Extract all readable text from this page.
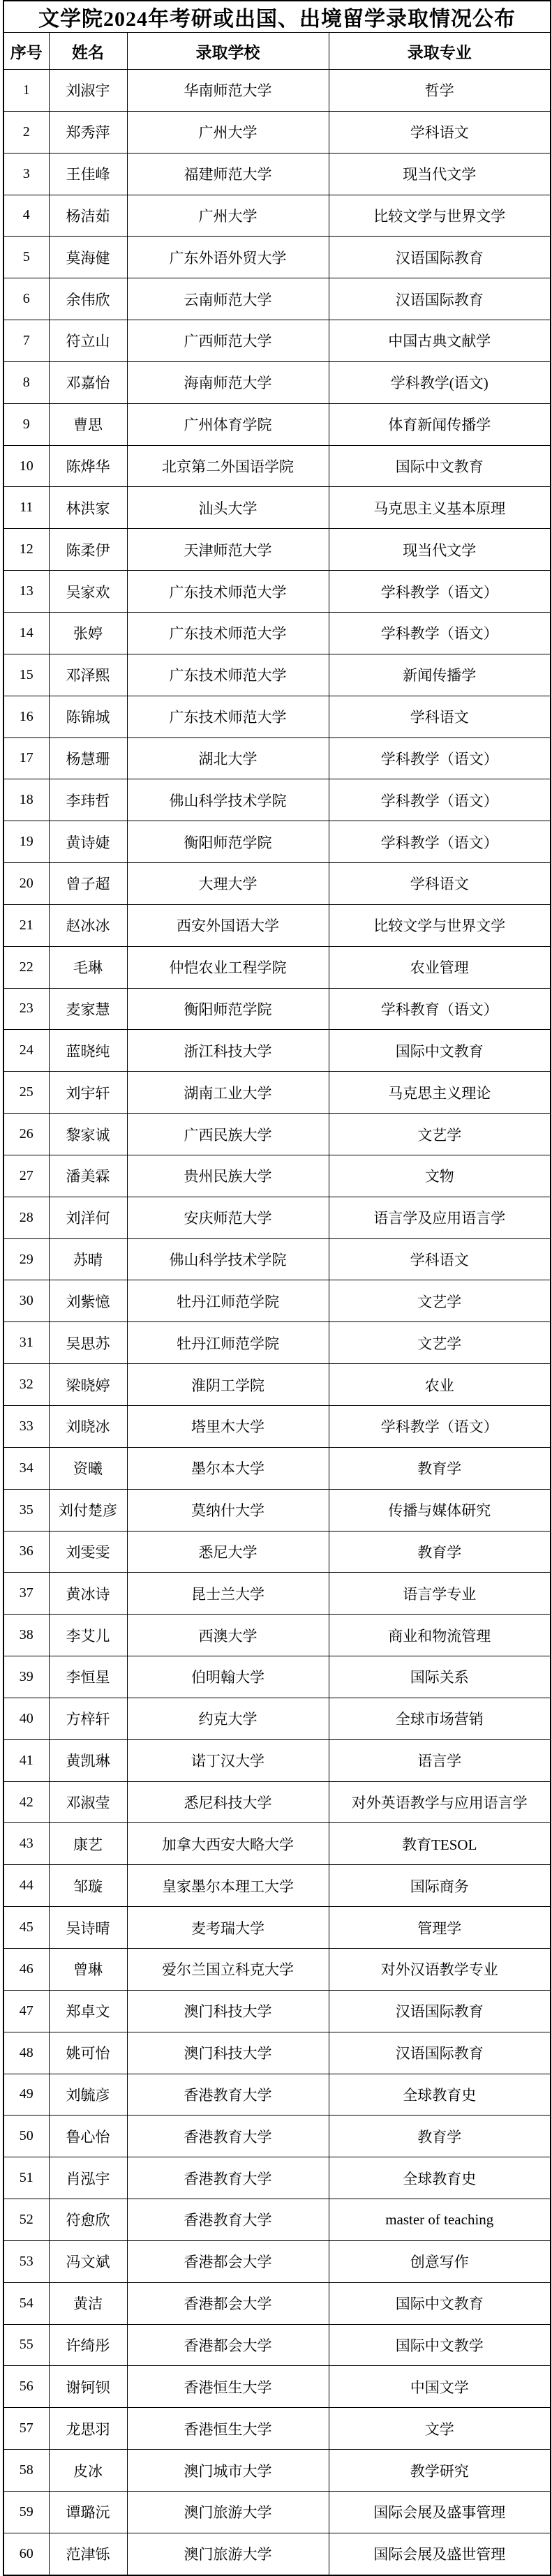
文学院2024年考研或出国、出境留学录取情况公布			
序号	姓名	录取学校	录取专业
1	刘淑宇	华南师范大学	哲学
2	郑秀萍	广州大学	学科语文
3	王佳峰	福建师范大学	现当代文学
4	杨洁茹	广州大学	比较文学与世界文学
5	莫海健	广东外语外贸大学	汉语国际教育
6	余伟欣	云南师范大学	汉语国际教育
7	符立山	广西师范大学	中国古典文献学
8	邓嘉怡	海南师范大学	学科教学(语文)
9	曹思	广州体育学院	体育新闻传播学
10	陈烨华	北京第二外国语学院	国际中文教育
11	林洪家	汕头大学	马克思主义基本原理
12	陈柔伊	天津师范大学	现当代文学
13	吴家欢	广东技术师范大学	学科教学（语文）
14	张婷	广东技术师范大学	学科教学（语文）
15	邓泽熙	广东技术师范大学	新闻传播学
16	陈锦城	广东技术师范大学	学科语文
17	杨慧珊	湖北大学	学科教学（语文）
18	李玮哲	佛山科学技术学院	学科教学（语文）
19	黄诗婕	衡阳师范学院	学科教学（语文）
20	曾子超	大理大学	学科语文
21	赵冰冰	西安外国语大学	比较文学与世界文学
22	毛琳	仲恺农业工程学院	农业管理
23	麦家慧	衡阳师范学院	学科教育（语文）
24	蓝晓纯	浙江科技大学	国际中文教育
25	刘宇轩	湖南工业大学	马克思主义理论
26	黎家诚	广西民族大学	文艺学
27	潘美霖	贵州民族大学	文物
28	刘洋何	安庆师范大学	语言学及应用语言学
29	苏晴	佛山科学技术学院	学科语文
30	刘紫憶	牡丹江师范学院	文艺学
31	吴思苏	牡丹江师范学院	文艺学
32	梁晓婷	淮阴工学院	农业
33	刘晓冰	塔里木大学	学科教学（语文）
34	资曦	墨尔本大学	教育学
35	刘付楚彦	莫纳什大学	传播与媒体研究
36	刘雯雯	悉尼大学	教育学
37	黄冰诗	昆士兰大学	语言学专业
38	李艾儿	西澳大学	商业和物流管理
39	李恒星	伯明翰大学	国际关系
40	方梓轩	约克大学	全球市场营销
41	黄凯琳	诺丁汉大学	语言学
42	邓淑莹	悉尼科技大学	对外英语教学与应用语言学
43	康艺	加拿大西安大略大学	教育TESOL
44	邹璇	皇家墨尔本理工大学	国际商务
45	吴诗晴	麦考瑞大学	管理学
46	曾琳	爱尔兰国立科克大学	对外汉语教学专业
47	郑卓文	澳门科技大学	汉语国际教育
48	姚可怡	澳门科技大学	汉语国际教育
49	刘毓彦	香港教育大学	全球教育史
50	鲁心怡	香港教育大学	教育学
51	肖泓宇	香港教育大学	全球教育史
52	符愈欣	香港教育大学	master of teaching
53	冯文斌	香港都会大学	创意写作
54	黄洁	香港都会大学	国际中文教育
55	许绮彤	香港都会大学	国际中文教学
56	谢钶钡	香港恒生大学	中国文学
57	龙思羽	香港恒生大学	文学
58	皮冰	澳门城市大学	教学研究
59	谭璐沅	澳门旅游大学	国际会展及盛事管理
60	范津铄	澳门旅游大学	国际会展及盛世管理
